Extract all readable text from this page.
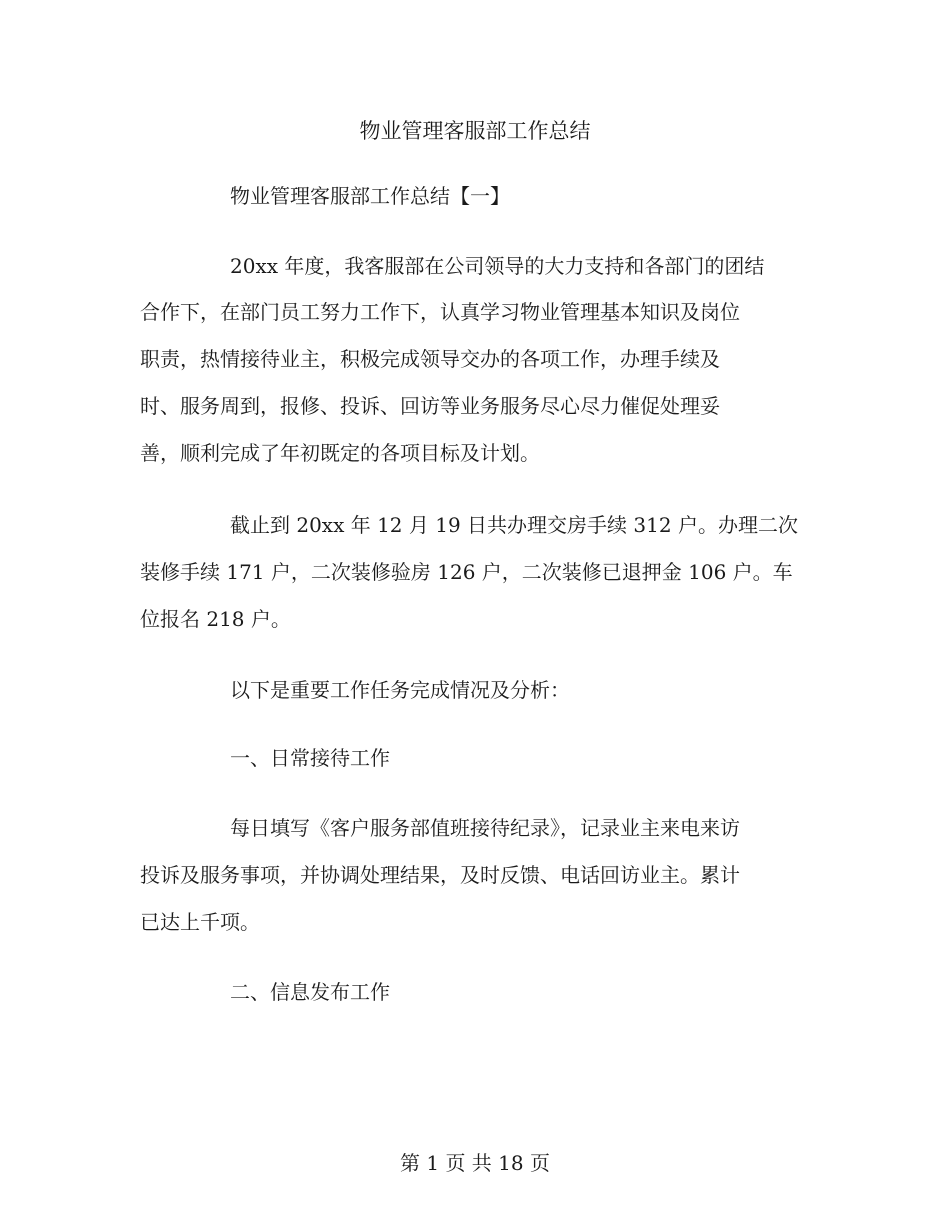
物业管理客服部工作总结
物业管理客服部工作总结【一】
20xx 年度，我客服部在公司领导的大力支持和各部门的团结
合作下，在部门员工努力工作下，认真学习物业管理基本知识及岗位
职责，热情接待业主，积极完成领导交办的各项工作，办理手续及
时、服务周到，报修、投诉、回访等业务服务尽心尽力催促处理妥
善，顺利完成了年初既定的各项目标及计划。
截止到 20xx 年 12 月 19 日共办理交房手续 312 户。办理二次
装修手续 171 户，二次装修验房 126 户，二次装修已退押金 106 户。车
位报名 218 户。
以下是重要工作任务完成情况及分析：
一、日常接待工作
每日填写《客户服务部值班接待纪录》，记录业主来电来访
投诉及服务事项，并协调处理结果，及时反馈、电话回访业主。累计
已达上千项。
二、信息发布工作
第 1 页 共 18 页
